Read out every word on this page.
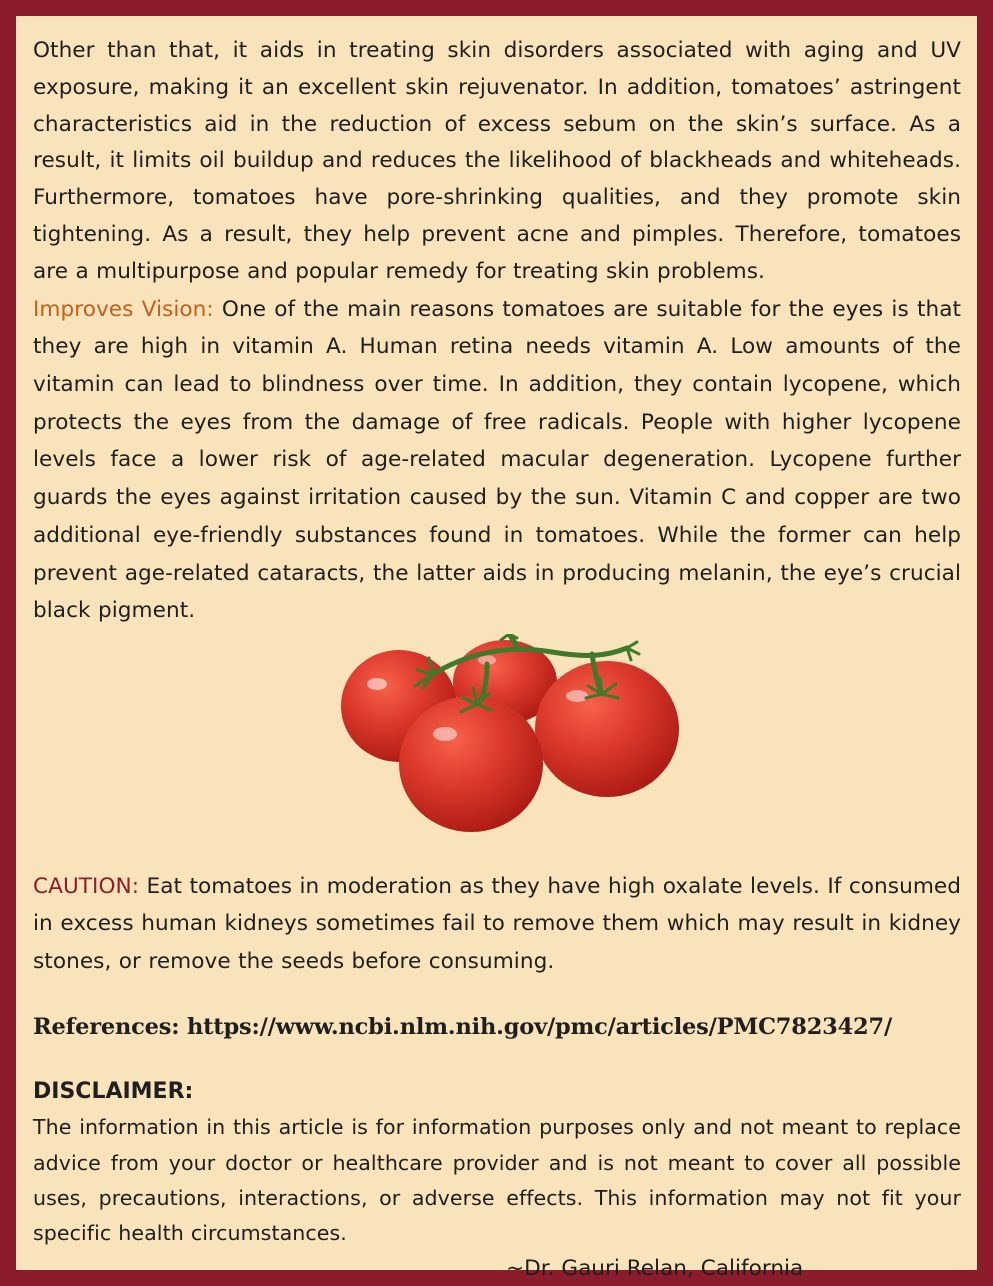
Other than that, it aids in treating skin disorders associated with aging and UV exposure, making it an excellent skin rejuvenator. In addition, tomatoes’ astringent characteristics aid in the reduction of excess sebum on the skin’s surface. As a result, it limits oil buildup and reduces the likelihood of blackheads and whiteheads. Furthermore, tomatoes have pore-shrinking qualities, and they promote skin tightening. As a result, they help prevent acne and pimples. Therefore, tomatoes are a multipurpose and popular remedy for treating skin problems.

Improves Vision: One of the main reasons tomatoes are suitable for the eyes is that they are high in vitamin A. Human retina needs vitamin A. Low amounts of the vitamin can lead to blindness over time. In addition, they contain lycopene, which protects the eyes from the damage of free radicals. People with higher lycopene levels face a lower risk of age-related macular degeneration. Lycopene further guards the eyes against irritation caused by the sun. Vitamin C and copper are two additional eye-friendly substances found in tomatoes. While the former can help prevent age-related cataracts, the latter aids in producing melanin, the eye’s crucial black pigment.

CAUTION: Eat tomatoes in moderation as they have high oxalate levels. If consumed in excess human kidneys sometimes fail to remove them which may result in kidney stones, or remove the seeds before consuming.

References: https://www.ncbi.nlm.nih.gov/pmc/articles/PMC7823427/

DISCLAIMER:

The information in this article is for information purposes only and not meant to replace advice from your doctor or healthcare provider and is not meant to cover all possible uses, precautions, interactions, or adverse effects. This information may not fit your specific health circumstances.

~Dr. Gauri Relan, California
